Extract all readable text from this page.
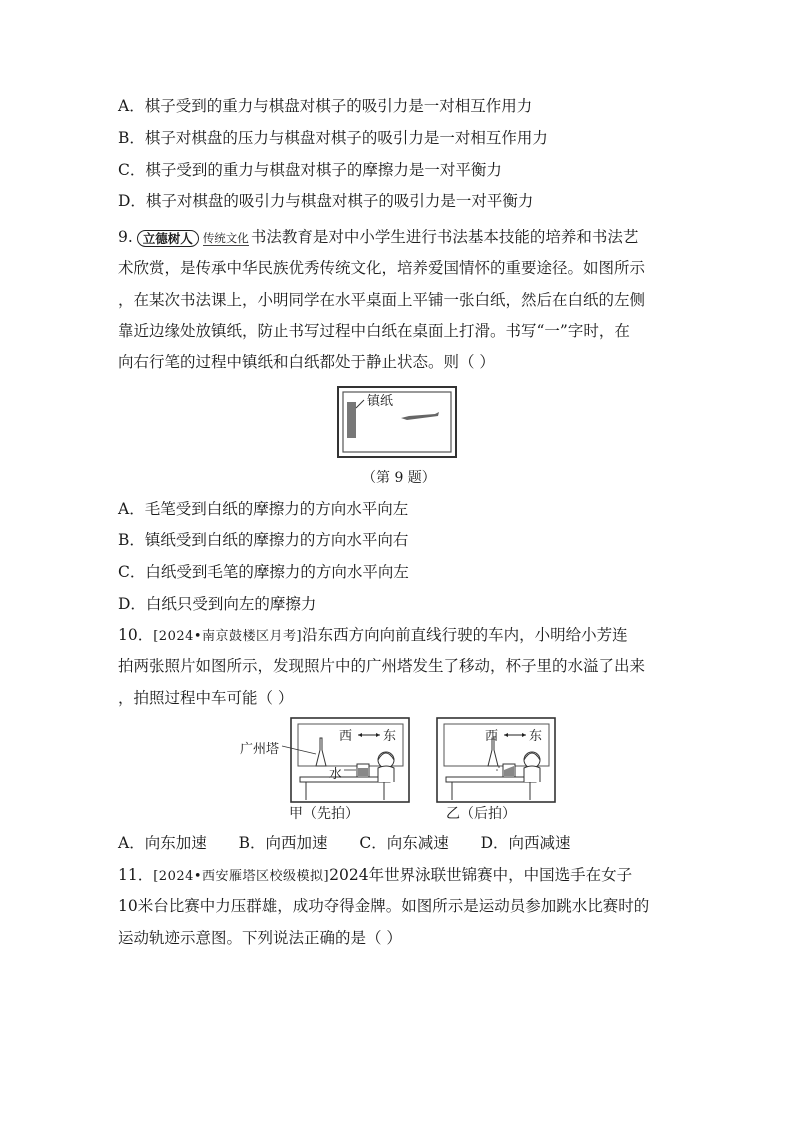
A．棋子受到的重力与棋盘对棋子的吸引力是一对相互作用力
B．棋子对棋盘的压力与棋盘对棋子的吸引力是一对相互作用力
C．棋子受到的重力与棋盘对棋子的摩擦力是一对平衡力
D．棋子对棋盘的吸引力与棋盘对棋子的吸引力是一对平衡力
9. 立德树人 传统文化 书法教育是对中小学生进行书法基本技能的培养和书法艺
术欣赏，是传承中华民族优秀传统文化，培养爱国情怀的重要途径。如图所示
，在某次书法课上，小明同学在水平桌面上平铺一张白纸，然后在白纸的左侧
靠近边缘处放镇纸，防止书写过程中白纸在桌面上打滑。书写“一”字时，在
向右行笔的过程中镇纸和白纸都处于静止状态。则（ ）
镇纸
（第 9 题）
A．毛笔受到白纸的摩擦力的方向水平向左
B．镇纸受到白纸的摩擦力的方向水平向右
C．白纸受到毛笔的摩擦力的方向水平向左
D．白纸只受到向左的摩擦力
10．[2024•南京鼓楼区月考]沿东西方向向前直线行驶的车内，小明给小芳连
拍两张照片如图所示，发现照片中的广州塔发生了移动，杯子里的水溢了出来
，拍照过程中车可能（ ）
广州塔
西 东
水
西 东
甲（先拍）	乙（后拍）
A．向东加速 B．向西加速 C．向东减速 D．向西减速
11．[2024•西安雁塔区校级模拟]2024年世界泳联世锦赛中，中国选手在女子
10米台比赛中力压群雄，成功夺得金牌。如图所示是运动员参加跳水比赛时的
运动轨迹示意图。下列说法正确的是（ ）
